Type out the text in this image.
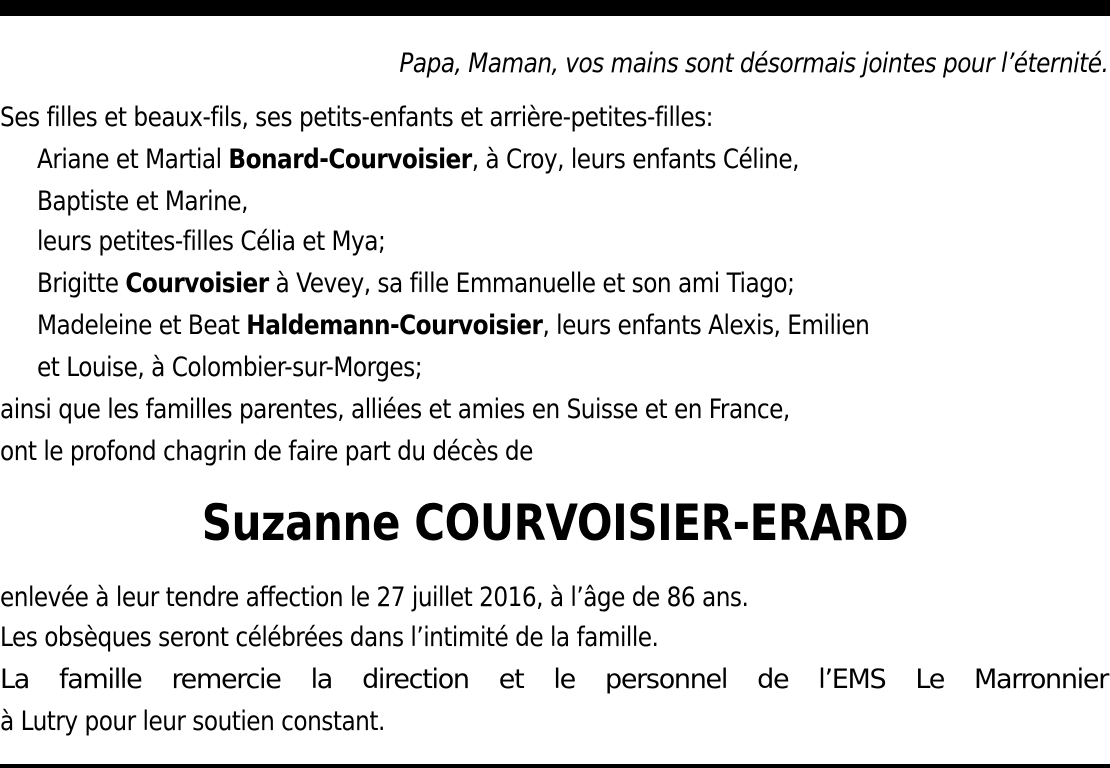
Papa, Maman, vos mains sont désormais jointes pour l’éternité.
Ses filles et beaux-fils, ses petits-enfants et arrière-petites-filles:
Ariane et Martial Bonard-Courvoisier, à Croy, leurs enfants Céline,
Baptiste et Marine,
leurs petites-filles Célia et Mya;
Brigitte Courvoisier à Vevey, sa fille Emmanuelle et son ami Tiago;
Madeleine et Beat Haldemann-Courvoisier, leurs enfants Alexis, Emilien
et Louise, à Colombier-sur-Morges;
ainsi que les familles parentes, alliées et amies en Suisse et en France,
ont le profond chagrin de faire part du décès de
Suzanne COURVOISIER-ERARD
enlevée à leur tendre affection le 27 juillet 2016, à l’âge de 86 ans.
Les obsèques seront célébrées dans l’intimité de la famille.
La famille remercie la direction et le personnel de l’EMS Le Marronnier
à Lutry pour leur soutien constant.
